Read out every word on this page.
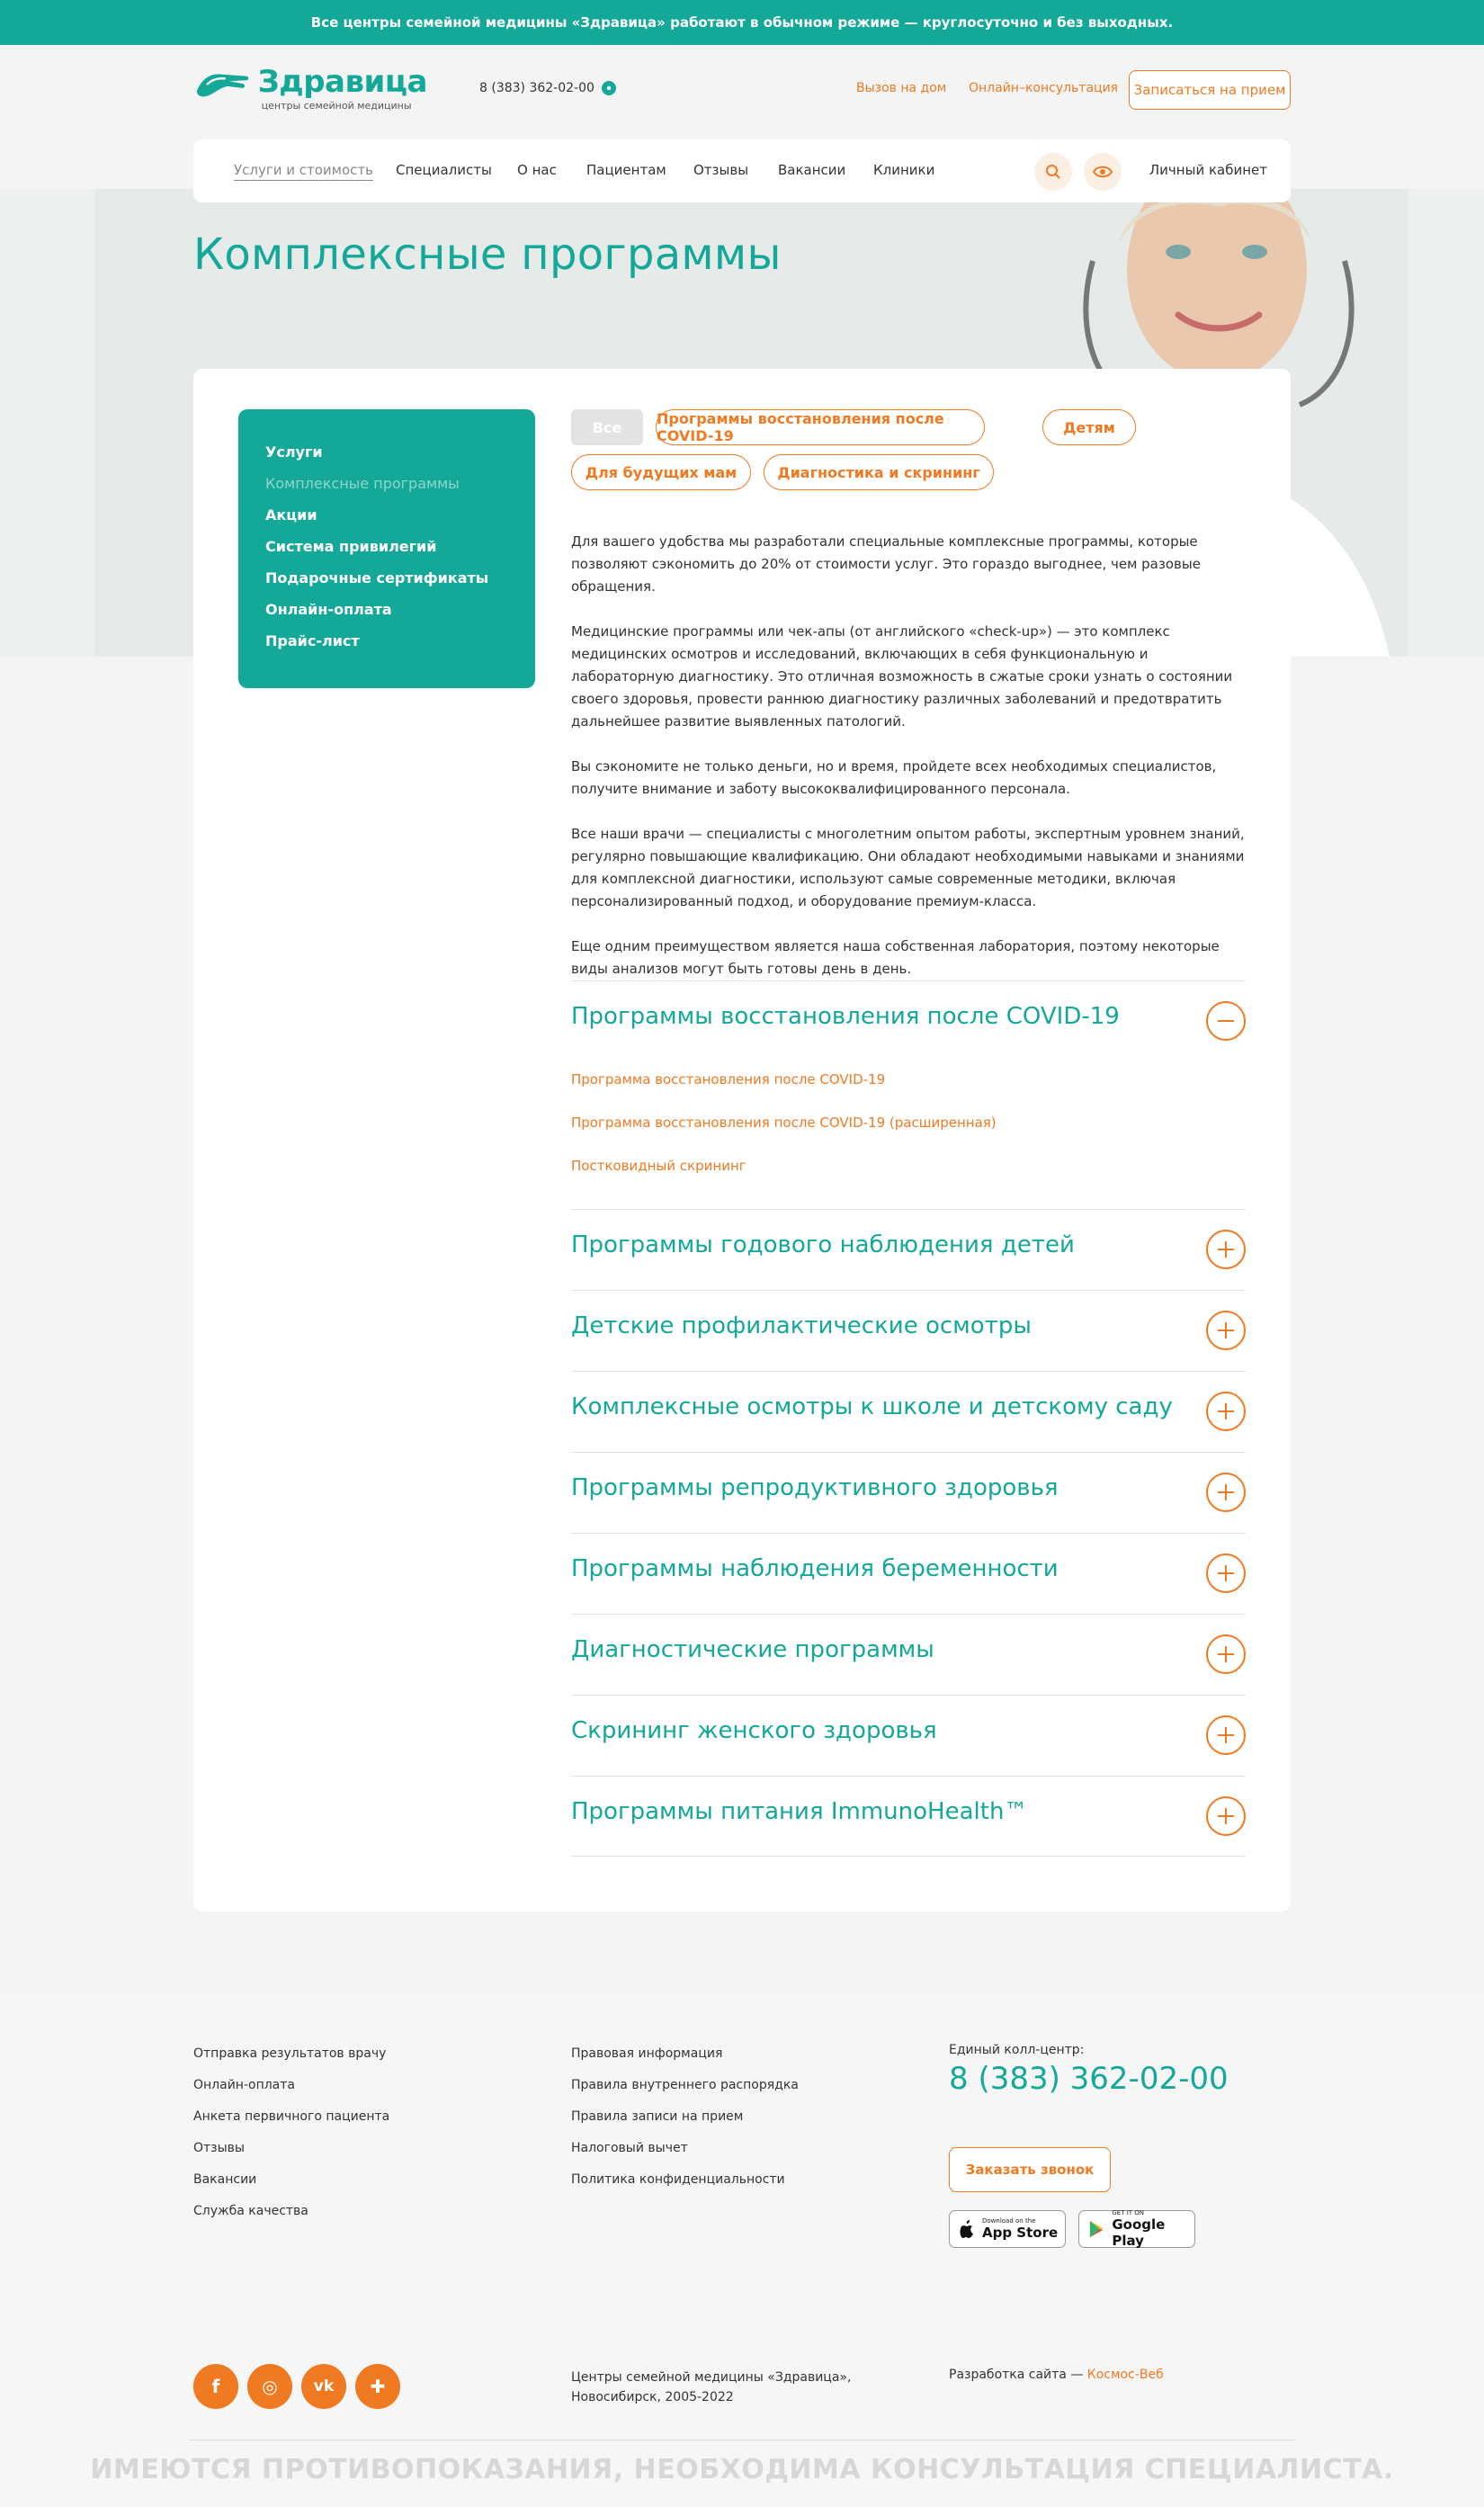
Все центры семейной медицины «Здравица» работают в обычном режиме — круглосуточно и без выходных.
Здравица
центры семейной медицины
8 (383) 362-02-00	Вызов на дом Онлайн–консультация	Записаться на прием
Комплексные программы
Услуги и стоимость Специалисты О нас Пациентам Отзывы Вакансии Клиники	Личный кабинет
Услуги
Комплексные программы
Акции
Система привилегий
Подарочные сертификаты
Онлайн-оплата
Прайс-лист
Все	Программы восстановления после COVID-19	Детям
Для будущих мам	Диагностика и скрининг

Для вашего удобства мы разработали специальные комплексные программы, которые позволяют сэкономить до 20% от стоимости услуг. Это гораздо выгоднее, чем разовые обращения.

Медицинские программы или чек-апы (от английского «check-up») — это комплекс медицинских осмотров и исследований, включающих в себя функциональную и лабораторную диагностику. Это отличная возможность в сжатые сроки узнать о состоянии своего здоровья, провести раннюю диагностику различных заболеваний и предотвратить дальнейшее развитие выявленных патологий.

Вы сэкономите не только деньги, но и время, пройдете всех необходимых специалистов, получите внимание и заботу высококвалифицированного персонала.

Все наши врачи — специалисты с многолетним опытом работы, экспертным уровнем знаний, регулярно повышающие квалификацию. Они обладают необходимыми навыками и знаниями для комплексной диагностики, используют самые современные методики, включая персонализированный подход, и оборудование премиум-класса.

Еще одним преимуществом является наша собственная лаборатория, поэтому некоторые виды анализов могут быть готовы день в день.

Программы восстановления после COVID-19
Программа восстановления после COVID-19
Программа восстановления после COVID-19 (расширенная)
Постковидный скрининг
Программы годового наблюдения детей
Детские профилактические осмотры
Комплексные осмотры к школе и детскому саду
Программы репродуктивного здоровья
Программы наблюдения беременности
Диагностические программы
Скрининг женского здоровья
Программы питания ImmunoHealth™
Отправка результатов врачу
Онлайн-оплата
Анкета первичного пациента
Отзывы
Вакансии
Служба качества
Правовая информация
Правила внутреннего распорядка
Правила записи на прием
Налоговый вычет
Политика конфиденциальности
Единый колл-центр:
8 (383) 362-02-00
Заказать звонок
Download on the
App Store
GET IT ON
Google Play
f	◎	vk	✚	Центры семейной медицины «Здравица»,
Новосибирск, 2005-2022
Разработка сайта — Космос-Веб
ИМЕЮТСЯ ПРОТИВОПОКАЗАНИЯ, НЕОБХОДИМА КОНСУЛЬТАЦИЯ СПЕЦИАЛИСТА.
